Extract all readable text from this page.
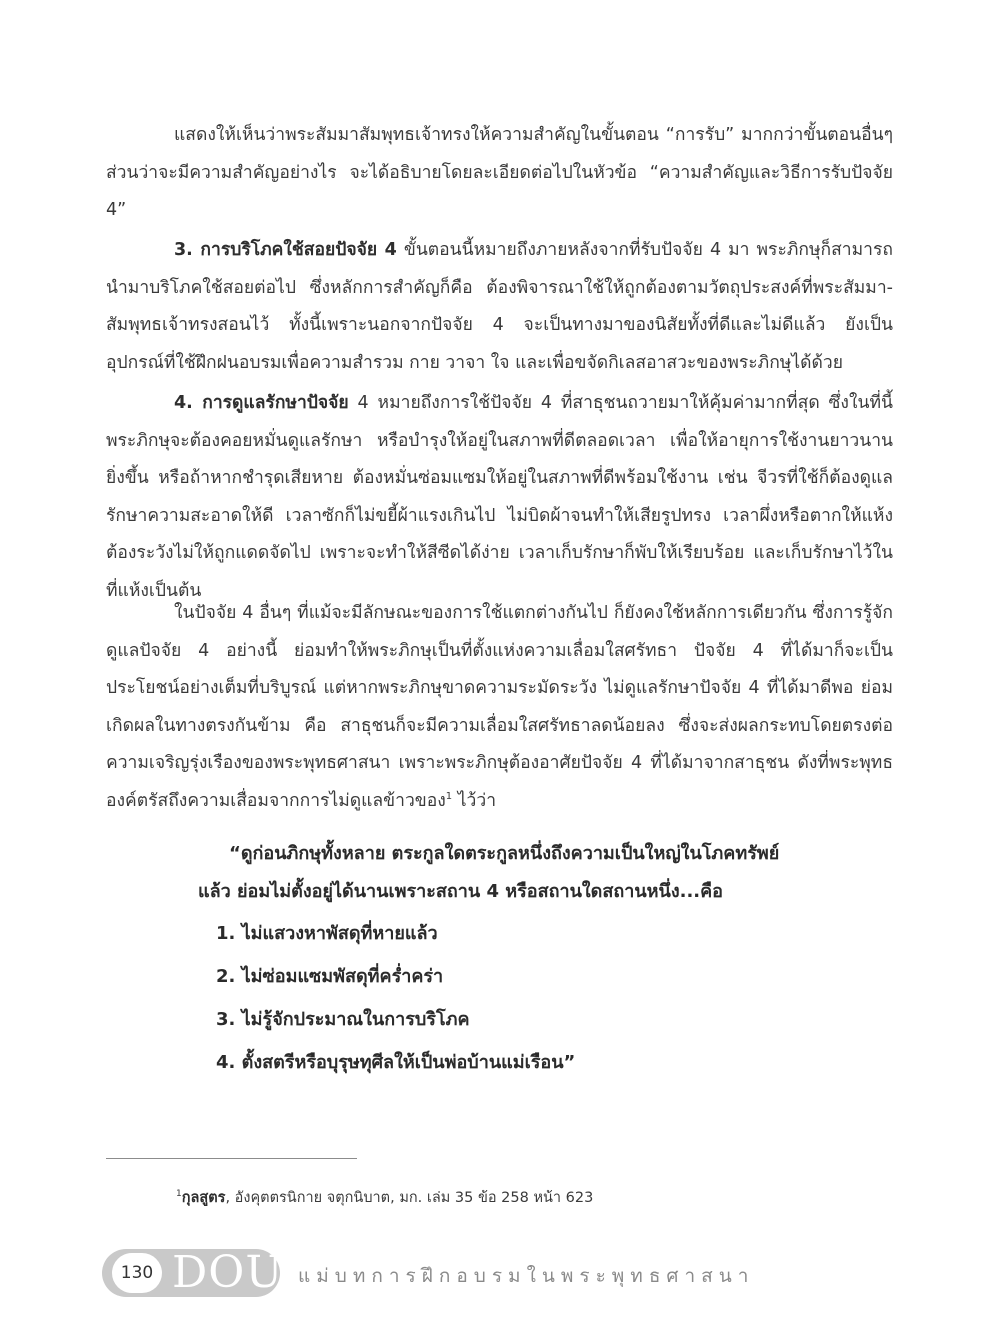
แสดงให้เห็นว่าพระสัมมาสัมพุทธเจ้าทรงให้ความสำคัญในขั้นตอน “การรับ” มากกว่าขั้นตอนอื่นๆ ส่วนว่าจะมีความสำคัญอย่างไร จะได้อธิบายโดยละเอียดต่อไปในหัวข้อ “ความสำคัญและวิธีการรับปัจจัย 4”

3. การบริโภคใช้สอยปัจจัย 4 ขั้นตอนนี้หมายถึงภายหลังจากที่รับปัจจัย 4 มา พระภิกษุก็สามารถนำมาบริโภคใช้สอยต่อไป ซึ่งหลักการสำคัญก็คือ ต้องพิจารณาใช้ให้ถูกต้องตามวัตถุประสงค์ที่พระสัมมา-สัมพุทธเจ้าทรงสอนไว้ ทั้งนี้เพราะนอกจากปัจจัย 4 จะเป็นทางมาของนิสัยทั้งที่ดีและไม่ดีแล้ว ยังเป็นอุปกรณ์ที่ใช้ฝึกฝนอบรมเพื่อความสำรวม กาย วาจา ใจ และเพื่อขจัดกิเลสอาสวะของพระภิกษุได้ด้วย

4. การดูแลรักษาปัจจัย 4 หมายถึงการใช้ปัจจัย 4 ที่สาธุชนถวายมาให้คุ้มค่ามากที่สุด ซึ่งในที่นี้พระภิกษุจะต้องคอยหมั่นดูแลรักษา หรือบำรุงให้อยู่ในสภาพที่ดีตลอดเวลา เพื่อให้อายุการใช้งานยาวนานยิ่งขึ้น หรือถ้าหากชำรุดเสียหาย ต้องหมั่นซ่อมแซมให้อยู่ในสภาพที่ดีพร้อมใช้งาน เช่น จีวรที่ใช้ก็ต้องดูแลรักษาความสะอาดให้ดี เวลาซักก็ไม่ขยี้ผ้าแรงเกินไป ไม่บิดผ้าจนทำให้เสียรูปทรง เวลาผึ่งหรือตากให้แห้ง ต้องระวังไม่ให้ถูกแดดจัดไป เพราะจะทำให้สีซีดได้ง่าย เวลาเก็บรักษาก็พับให้เรียบร้อย และเก็บรักษาไว้ในที่แห้งเป็นต้น

ในปัจจัย 4 อื่นๆ ที่แม้จะมีลักษณะของการใช้แตกต่างกันไป ก็ยังคงใช้หลักการเดียวกัน ซึ่งการรู้จักดูแลปัจจัย 4 อย่างนี้ ย่อมทำให้พระภิกษุเป็นที่ตั้งแห่งความเลื่อมใสศรัทธา ปัจจัย 4 ที่ได้มาก็จะเป็นประโยชน์อย่างเต็มที่บริบูรณ์ แต่หากพระภิกษุขาดความระมัดระวัง ไม่ดูแลรักษาปัจจัย 4 ที่ได้มาดีพอ ย่อมเกิดผลในทางตรงกันข้าม คือ สาธุชนก็จะมีความเลื่อมใสศรัทธาลดน้อยลง ซึ่งจะส่งผลกระทบโดยตรงต่อความเจริญรุ่งเรืองของพระพุทธศาสนา เพราะพระภิกษุต้องอาศัยปัจจัย 4 ที่ได้มาจากสาธุชน ดังที่พระพุทธองค์ตรัสถึงความเสื่อมจากการไม่ดูแลข้าวของ$^1$ ไว้ว่า

“ดูก่อนภิกษุทั้งหลาย ตระกูลใดตระกูลหนึ่งถึงความเป็นใหญ่ในโภคทรัพย์
แล้ว ย่อมไม่ตั้งอยู่ได้นานเพราะสถาน 4 หรือสถานใดสถานหนึ่ง...คือ
1. ไม่แสวงหาพัสดุที่หายแล้ว
2. ไม่ซ่อมแซมพัสดุที่คร่ำคร่า
3. ไม่รู้จักประมาณในการบริโภค
4. ตั้งสตรีหรือบุรุษทุศีลให้เป็นพ่อบ้านแม่เรือน”
$^1$กุลสูตร, อังคุตตรนิกาย จตุกนิบาต, มก. เล่ม 35 ข้อ 258 หน้า 623
130 DOU แม่บทการฝึกอบรมในพระพุทธศาสนา
